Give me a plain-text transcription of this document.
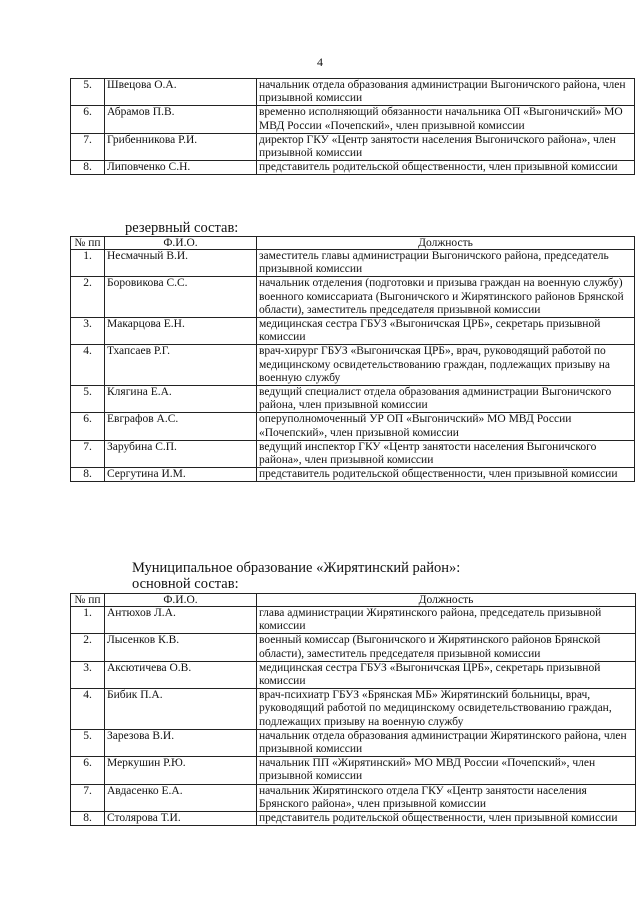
4
5.	Швецова О.А.	начальник отдела образования администрации Выгоничского района, член призывной комиссии
6.	Абрамов П.В.	временно исполняющий обязанности начальника ОП «Выгоничский» МО МВД России «Почепский», член призывной комиссии
7.	Грибенникова Р.И.	директор ГКУ «Центр занятости населения Выгоничского района», член призывной комиссии
8.	Липовченко С.Н.	представитель родительской общественности, член призывной комиссии
резервный состав:
№ пп	Ф.И.О.	Должность
1.	Несмачный В.И.	заместитель главы администрации Выгоничского района, председатель призывной комиссии
2.	Боровикова С.С.	начальник отделения (подготовки и призыва граждан на военную службу) военного комиссариата (Выгоничского и Жирятинского районов Брянской области), заместитель председателя призывной комиссии
3.	Макарцова Е.Н.	медицинская сестра ГБУЗ «Выгоничская ЦРБ», секретарь призывной комиссии
4.	Тхапсаев Р.Г.	врач-хирург ГБУЗ «Выгоничская ЦРБ», врач, руководящий работой по медицинскому освидетельствованию граждан, подлежащих призыву на военную службу
5.	Клягина Е.А.	ведущий специалист отдела образования администрации Выгоничского района, член призывной комиссии
6.	Евграфов А.С.	оперуполномоченный УР ОП «Выгоничский» МО МВД России «Почепский», член призывной комиссии
7.	Зарубина С.П.	ведущий инспектор ГКУ «Центр занятости населения Выгоничского района», член призывной комиссии
8.	Сергутина И.М.	представитель родительской общественности, член призывной комиссии
Муниципальное образование «Жирятинский район»:
основной состав:
№ пп	Ф.И.О.	Должность
1.	Антюхов Л.А.	глава администрации Жирятинского района, председатель призывной комиссии
2.	Лысенков К.В.	военный комиссар (Выгоничского и Жирятинского районов Брянской области), заместитель председателя призывной комиссии
3.	Аксютичева О.В.	медицинская сестра ГБУЗ «Выгоничская ЦРБ», секретарь призывной комиссии
4.	Бибик П.А.	врач-психиатр ГБУЗ «Брянская МБ» Жирятинский больницы, врач, руководящий работой по медицинскому освидетельствованию граждан, подлежащих призыву на военную службу
5.	Зарезова В.И.	начальник отдела образования администрации Жирятинского района, член призывной комиссии
6.	Меркушин Р.Ю.	начальник ПП «Жирятинский» МО МВД России «Почепский», член призывной комиссии
7.	Авдасенко Е.А.	начальник Жирятинского отдела ГКУ «Центр занятости населения Брянского района», член призывной комиссии
8.	Столярова Т.И.	представитель родительской общественности, член призывной комиссии
